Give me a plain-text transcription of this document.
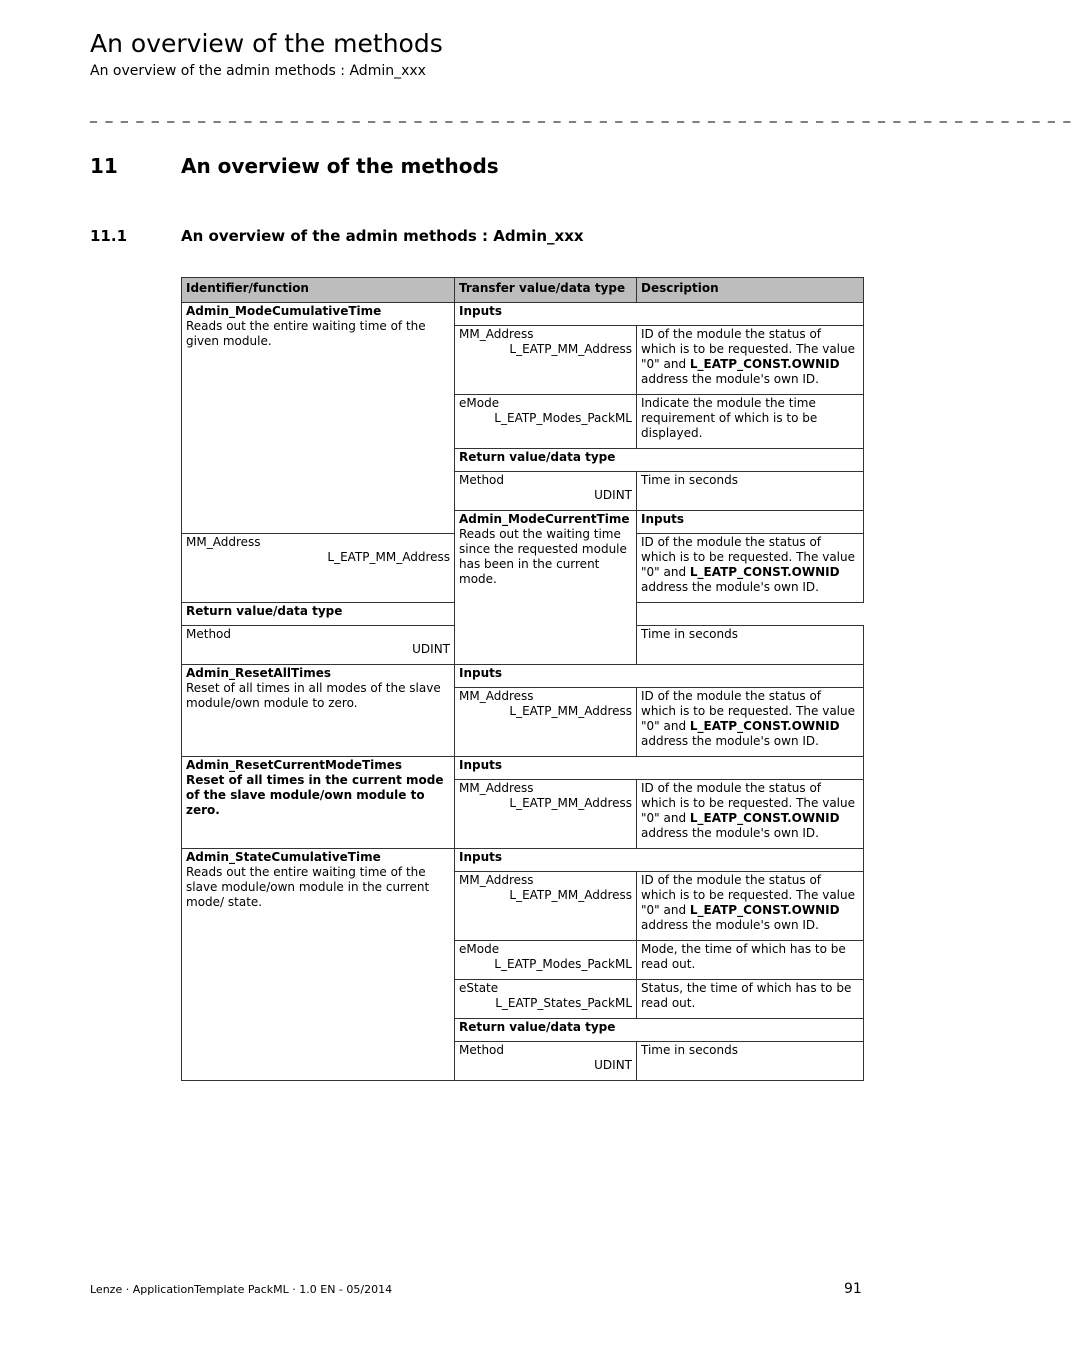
An overview of the methods
An overview of the admin methods : Admin_xxx
_ _ _ _ _ _ _ _ _ _ _ _ _ _ _ _ _ _ _ _ _ _ _ _ _ _ _ _ _ _ _ _ _ _ _ _ _ _ _ _ _ _ _ _ _ _ _ _ _ _ _ _ _ _ _ _ _ _ _ _ _ _ _ _
11	An overview of the methods
11.1	An overview of the admin methods : Admin_xxx
Identifier/function	Transfer value/data type	Description

Admin_ModeCumulativeTime
Reads out the entire waiting time of the given module.	Inputs	

	MM_Address
L_EATP_MM_Address	ID of the module the status of which is to be requested. The value "0" and L_EATP_CONST.OWNID address the module's own ID.

	eMode
L_EATP_Modes_PackML	Indicate the module the time requirement of which is to be displayed.
	Return value/data type	

	Method
UDINT	Time in seconds

	Admin_ModeCurrentTime
Reads out the waiting time since the requested module has been in the current mode.	Inputs

MM_Address
L_EATP_MM_Address		ID of the module the status of which is to be requested. The value "0" and L_EATP_CONST.OWNID address the module's own ID.
Return value/data type		

Method
UDINT		Time in seconds

Admin_ResetAllTimes
Reset of all times in all modes of the slave module/own module to zero.	Inputs	

	MM_Address
L_EATP_MM_Address	ID of the module the status of which is to be requested. The value "0" and L_EATP_CONST.OWNID address the module's own ID.

Admin_ResetCurrentModeTimes
Reset of all times in the current mode of the slave module/own module to zero.	Inputs	

	MM_Address
L_EATP_MM_Address	ID of the module the status of which is to be requested. The value "0" and L_EATP_CONST.OWNID address the module's own ID.

Admin_StateCumulativeTime
Reads out the entire waiting time of the slave module/own module in the current mode/ state.	Inputs	

	MM_Address
L_EATP_MM_Address	ID of the module the status of which is to be requested. The value "0" and L_EATP_CONST.OWNID address the module's own ID.

	eMode
L_EATP_Modes_PackML	Mode, the time of which has to be read out.

	eState
L_EATP_States_PackML	Status, the time of which has to be read out.
	Return value/data type	

	Method
UDINT	Time in seconds
Lenze · ApplicationTemplate PackML · 1.0 EN - 05/2014	91
